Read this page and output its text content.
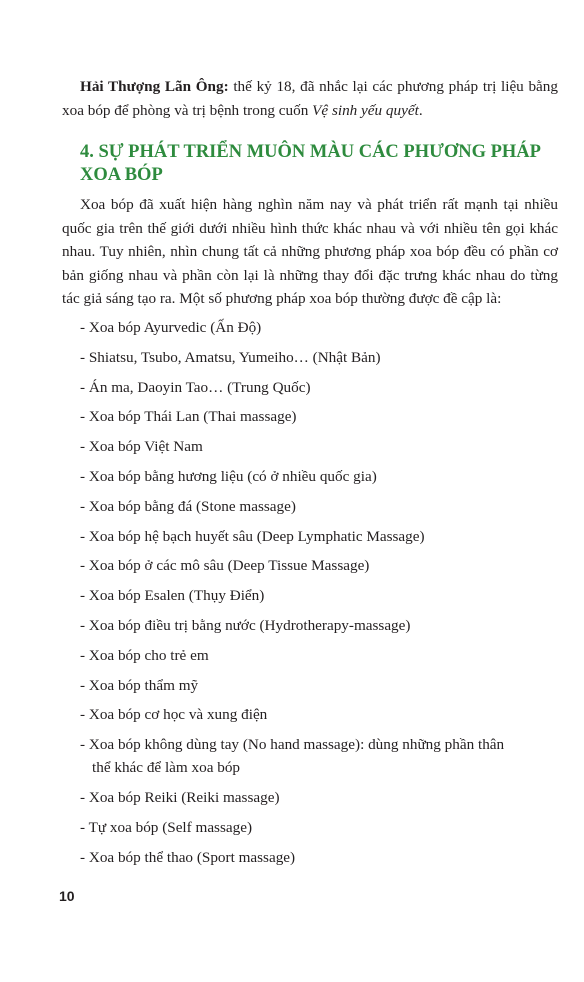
Hải Thượng Lãn Ông: thế kỷ 18, đã nhắc lại các phương pháp trị liệu bằng xoa bóp để phòng và trị bệnh trong cuốn Vệ sinh yếu quyết.

4. SỰ PHÁT TRIỂN MUÔN MÀU CÁC PHƯƠNG PHÁP
XOA BÓP

Xoa bóp đã xuất hiện hàng nghìn năm nay và phát triển rất mạnh tại nhiều quốc gia trên thế giới dưới nhiều hình thức khác nhau và với nhiều tên gọi khác nhau. Tuy nhiên, nhìn chung tất cả những phương pháp xoa bóp đều có phần cơ bản giống nhau và phần còn lại là những thay đổi đặc trưng khác nhau do từng tác giả sáng tạo ra. Một số phương pháp xoa bóp thường được đề cập là:

- Xoa bóp Ayurvedic (Ấn Độ)
- Shiatsu, Tsubo, Amatsu, Yumeiho… (Nhật Bản)
- Án ma, Daoyin Tao… (Trung Quốc)
- Xoa bóp Thái Lan (Thai massage)
- Xoa bóp Việt Nam
- Xoa bóp bằng hương liệu (có ở nhiều quốc gia)
- Xoa bóp bằng đá (Stone massage)
- Xoa bóp hệ bạch huyết sâu (Deep Lymphatic Massage)
- Xoa bóp ở các mô sâu (Deep Tissue Massage)
- Xoa bóp Esalen (Thụy Điển)
- Xoa bóp điều trị bằng nước (Hydrotherapy-massage)
- Xoa bóp cho trẻ em
- Xoa bóp thẩm mỹ
- Xoa bóp cơ học và xung điện
- Xoa bóp không dùng tay (No hand massage): dùng những phần thân
thể khác để làm xoa bóp
- Xoa bóp Reiki (Reiki massage)
- Tự xoa bóp (Self massage)
- Xoa bóp thể thao (Sport massage)
10
